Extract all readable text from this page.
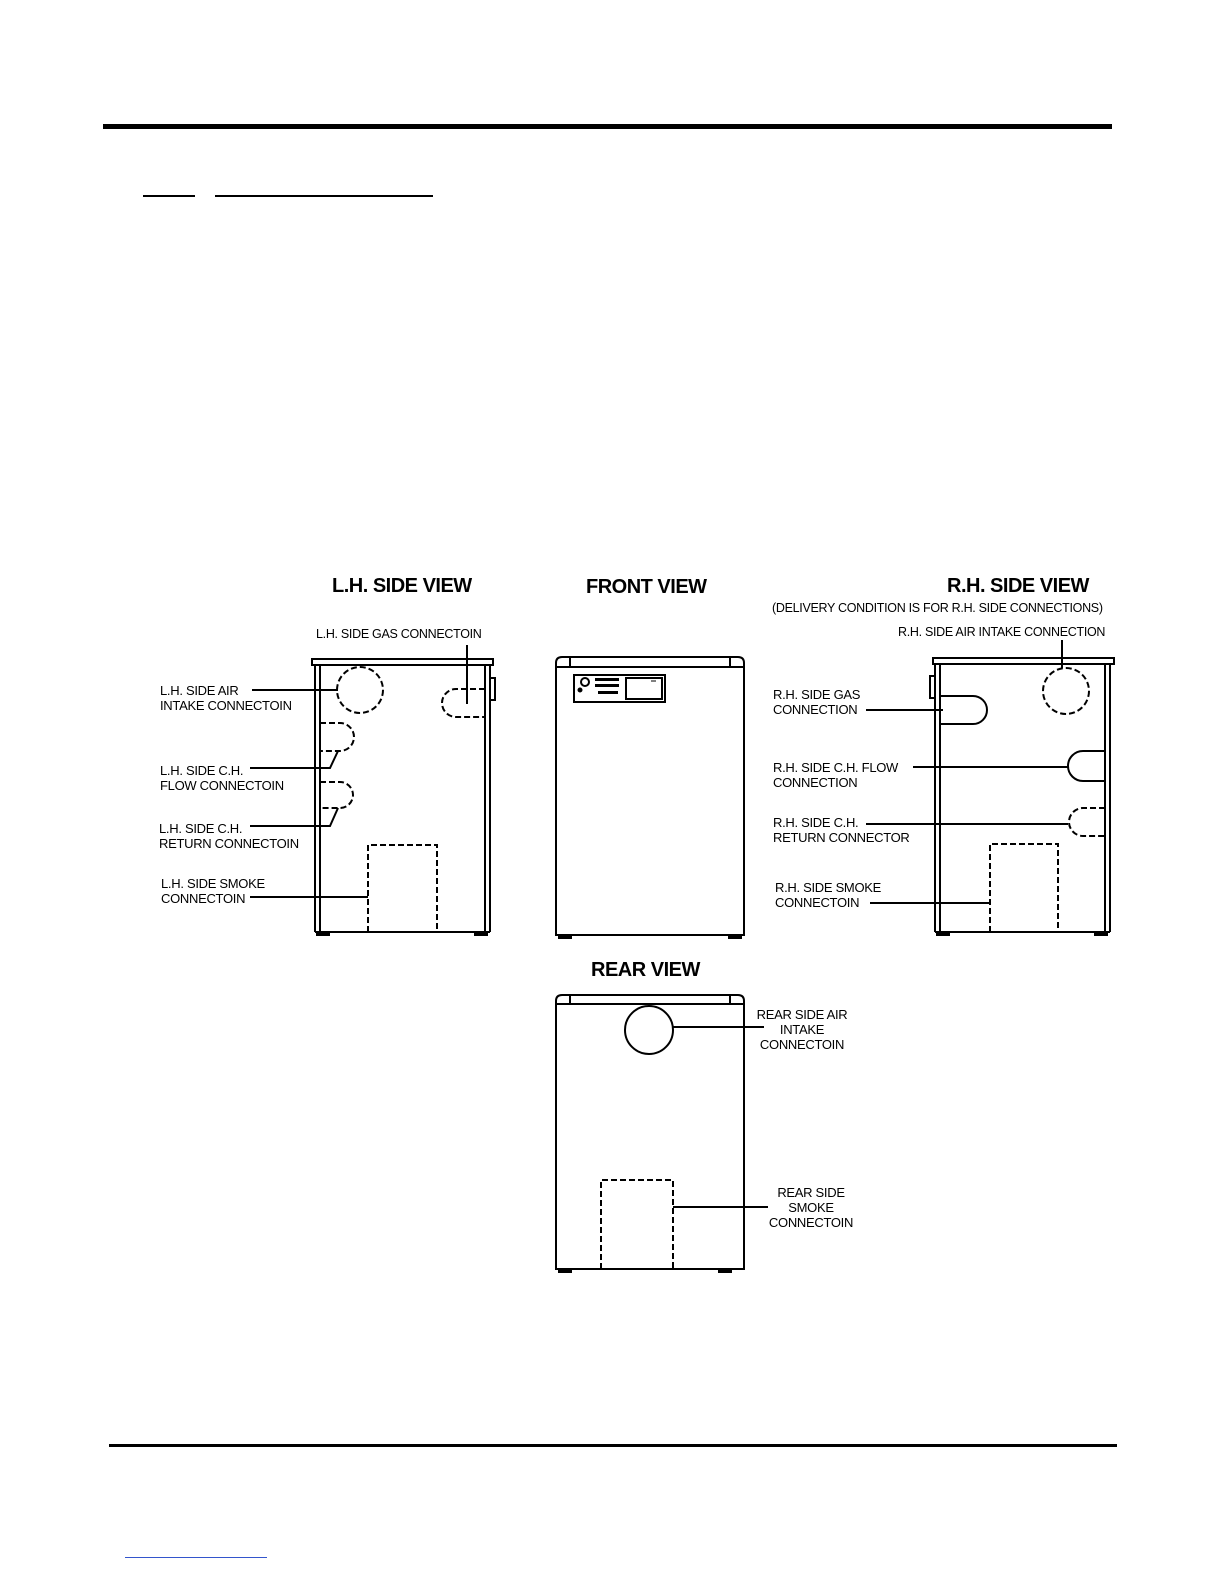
L.H. SIDE VIEW	FRONT VIEW	R.H. SIDE VIEW
(DELIVERY CONDITION IS FOR R.H. SIDE CONNECTIONS)
REAR VIEW
L.H. SIDE GAS CONNECTOIN
L.H. SIDE AIR
INTAKE CONNECTOIN
L.H. SIDE C.H.
FLOW CONNECTOIN
L.H. SIDE C.H.
RETURN CONNECTOIN
L.H. SIDE SMOKE
CONNECTOIN
R.H. SIDE AIR INTAKE CONNECTION
R.H. SIDE GAS
CONNECTION
R.H. SIDE C.H. FLOW
CONNECTION
R.H. SIDE C.H.
RETURN CONNECTOR
R.H. SIDE SMOKE
CONNECTOIN
REAR SIDE AIR
INTAKE
CONNECTOIN
REAR SIDE
SMOKE
CONNECTOIN
